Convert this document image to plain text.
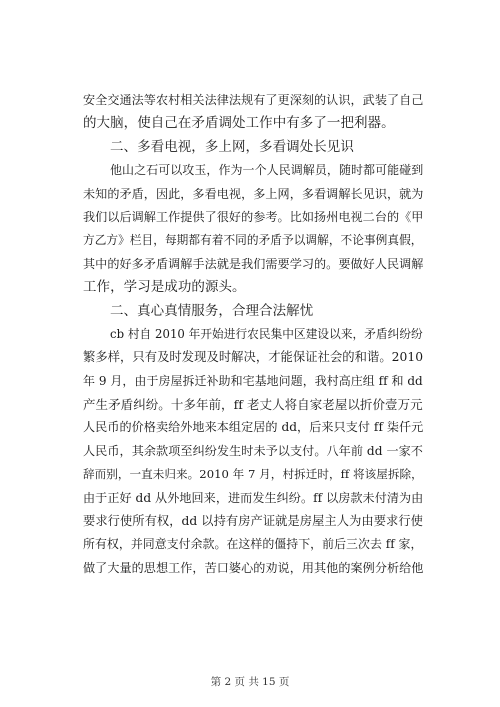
安全交通法等农村相关法律法规有了更深刻的认识，武装了自己
的大脑，使自己在矛盾调处工作中有多了一把利器。
二、多看电视，多上网，多看调处长见识
他山之石可以攻玉，作为一个人民调解员，随时都可能碰到
未知的矛盾，因此，多看电视，多上网，多看调解长见识，就为
我们以后调解工作提供了很好的参考。比如扬州电视二台的《甲
方乙方》栏目，每期都有着不同的矛盾予以调解，不论事例真假，
其中的好多矛盾调解手法就是我们需要学习的。要做好人民调解
工作，学习是成功的源头。
二、真心真情服务，合理合法解忧
cb 村自 2010 年开始进行农民集中区建设以来，矛盾纠纷纷
繁多样，只有及时发现及时解决，才能保证社会的和谐。2010
年 9 月，由于房屋拆迁补助和宅基地问题，我村高庄组 ff 和 dd
产生矛盾纠纷。十多年前，ff 老丈人将自家老屋以折价壹万元
人民币的价格卖给外地来本组定居的 dd，后来只支付 ff 柒仟元
人民币，其余款项至纠纷发生时未予以支付。八年前 dd 一家不
辞而别，一直未归来。2010 年 7 月，村拆迁时，ff 将该屋拆除，
由于正好 dd 从外地回来，进而发生纠纷。ff 以房款未付清为由
要求行使所有权，dd 以持有房产证就是房屋主人为由要求行使
所有权，并同意支付余款。在这样的僵持下，前后三次去 ff 家，
做了大量的思想工作，苦口婆心的劝说，用其他的案例分析给他
第 2 页 共 15 页
